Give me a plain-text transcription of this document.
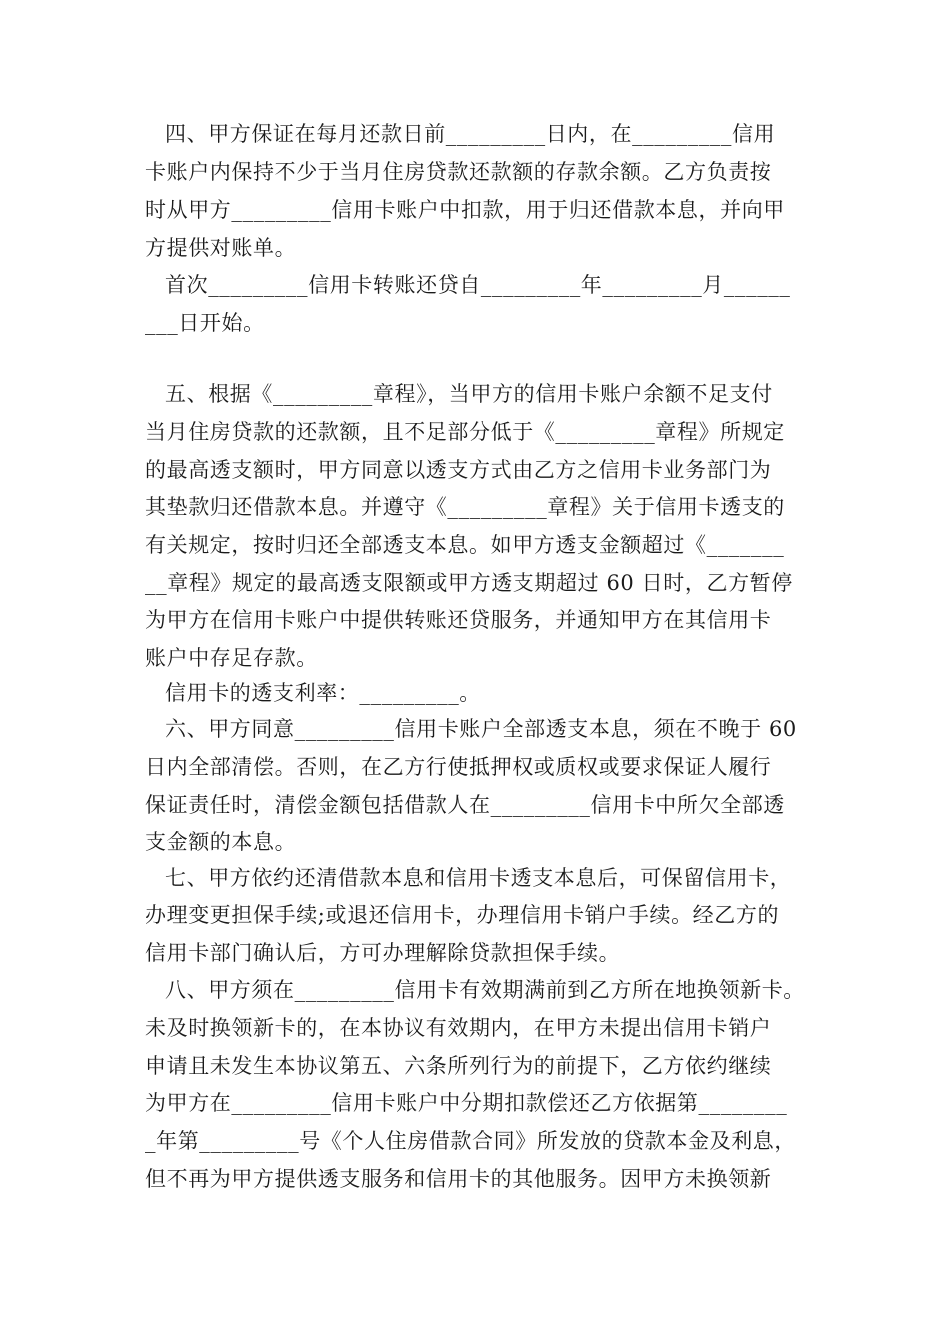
四、甲方保证在每月还款日前_________日内，在_________信用
卡账户内保持不少于当月住房贷款还款额的存款余额。乙方负责按
时从甲方_________信用卡账户中扣款，用于归还借款本息，并向甲
方提供对账单。
首次_________信用卡转账还贷自_________年_________月______
___日开始。
五、根据《_________章程》，当甲方的信用卡账户余额不足支付
当月住房贷款的还款额，且不足部分低于《_________章程》所规定
的最高透支额时，甲方同意以透支方式由乙方之信用卡业务部门为
其垫款归还借款本息。并遵守《_________章程》关于信用卡透支的
有关规定，按时归还全部透支本息。如甲方透支金额超过《_______
__章程》规定的最高透支限额或甲方透支期超过 60 日时，乙方暂停
为甲方在信用卡账户中提供转账还贷服务，并通知甲方在其信用卡
账户中存足存款。
信用卡的透支利率：_________。
六、甲方同意_________信用卡账户全部透支本息，须在不晚于 60
日内全部清偿。否则，在乙方行使抵押权或质权或要求保证人履行
保证责任时，清偿金额包括借款人在_________信用卡中所欠全部透
支金额的本息。
七、甲方依约还清借款本息和信用卡透支本息后，可保留信用卡，
办理变更担保手续;或退还信用卡，办理信用卡销户手续。经乙方的
信用卡部门确认后，方可办理解除贷款担保手续。
八、甲方须在_________信用卡有效期满前到乙方所在地换领新卡。
未及时换领新卡的，在本协议有效期内，在甲方未提出信用卡销户
申请且未发生本协议第五、六条所列行为的前提下，乙方依约继续
为甲方在_________信用卡账户中分期扣款偿还乙方依据第________
_年第_________号《个人住房借款合同》所发放的贷款本金及利息，
但不再为甲方提供透支服务和信用卡的其他服务。因甲方未换领新
